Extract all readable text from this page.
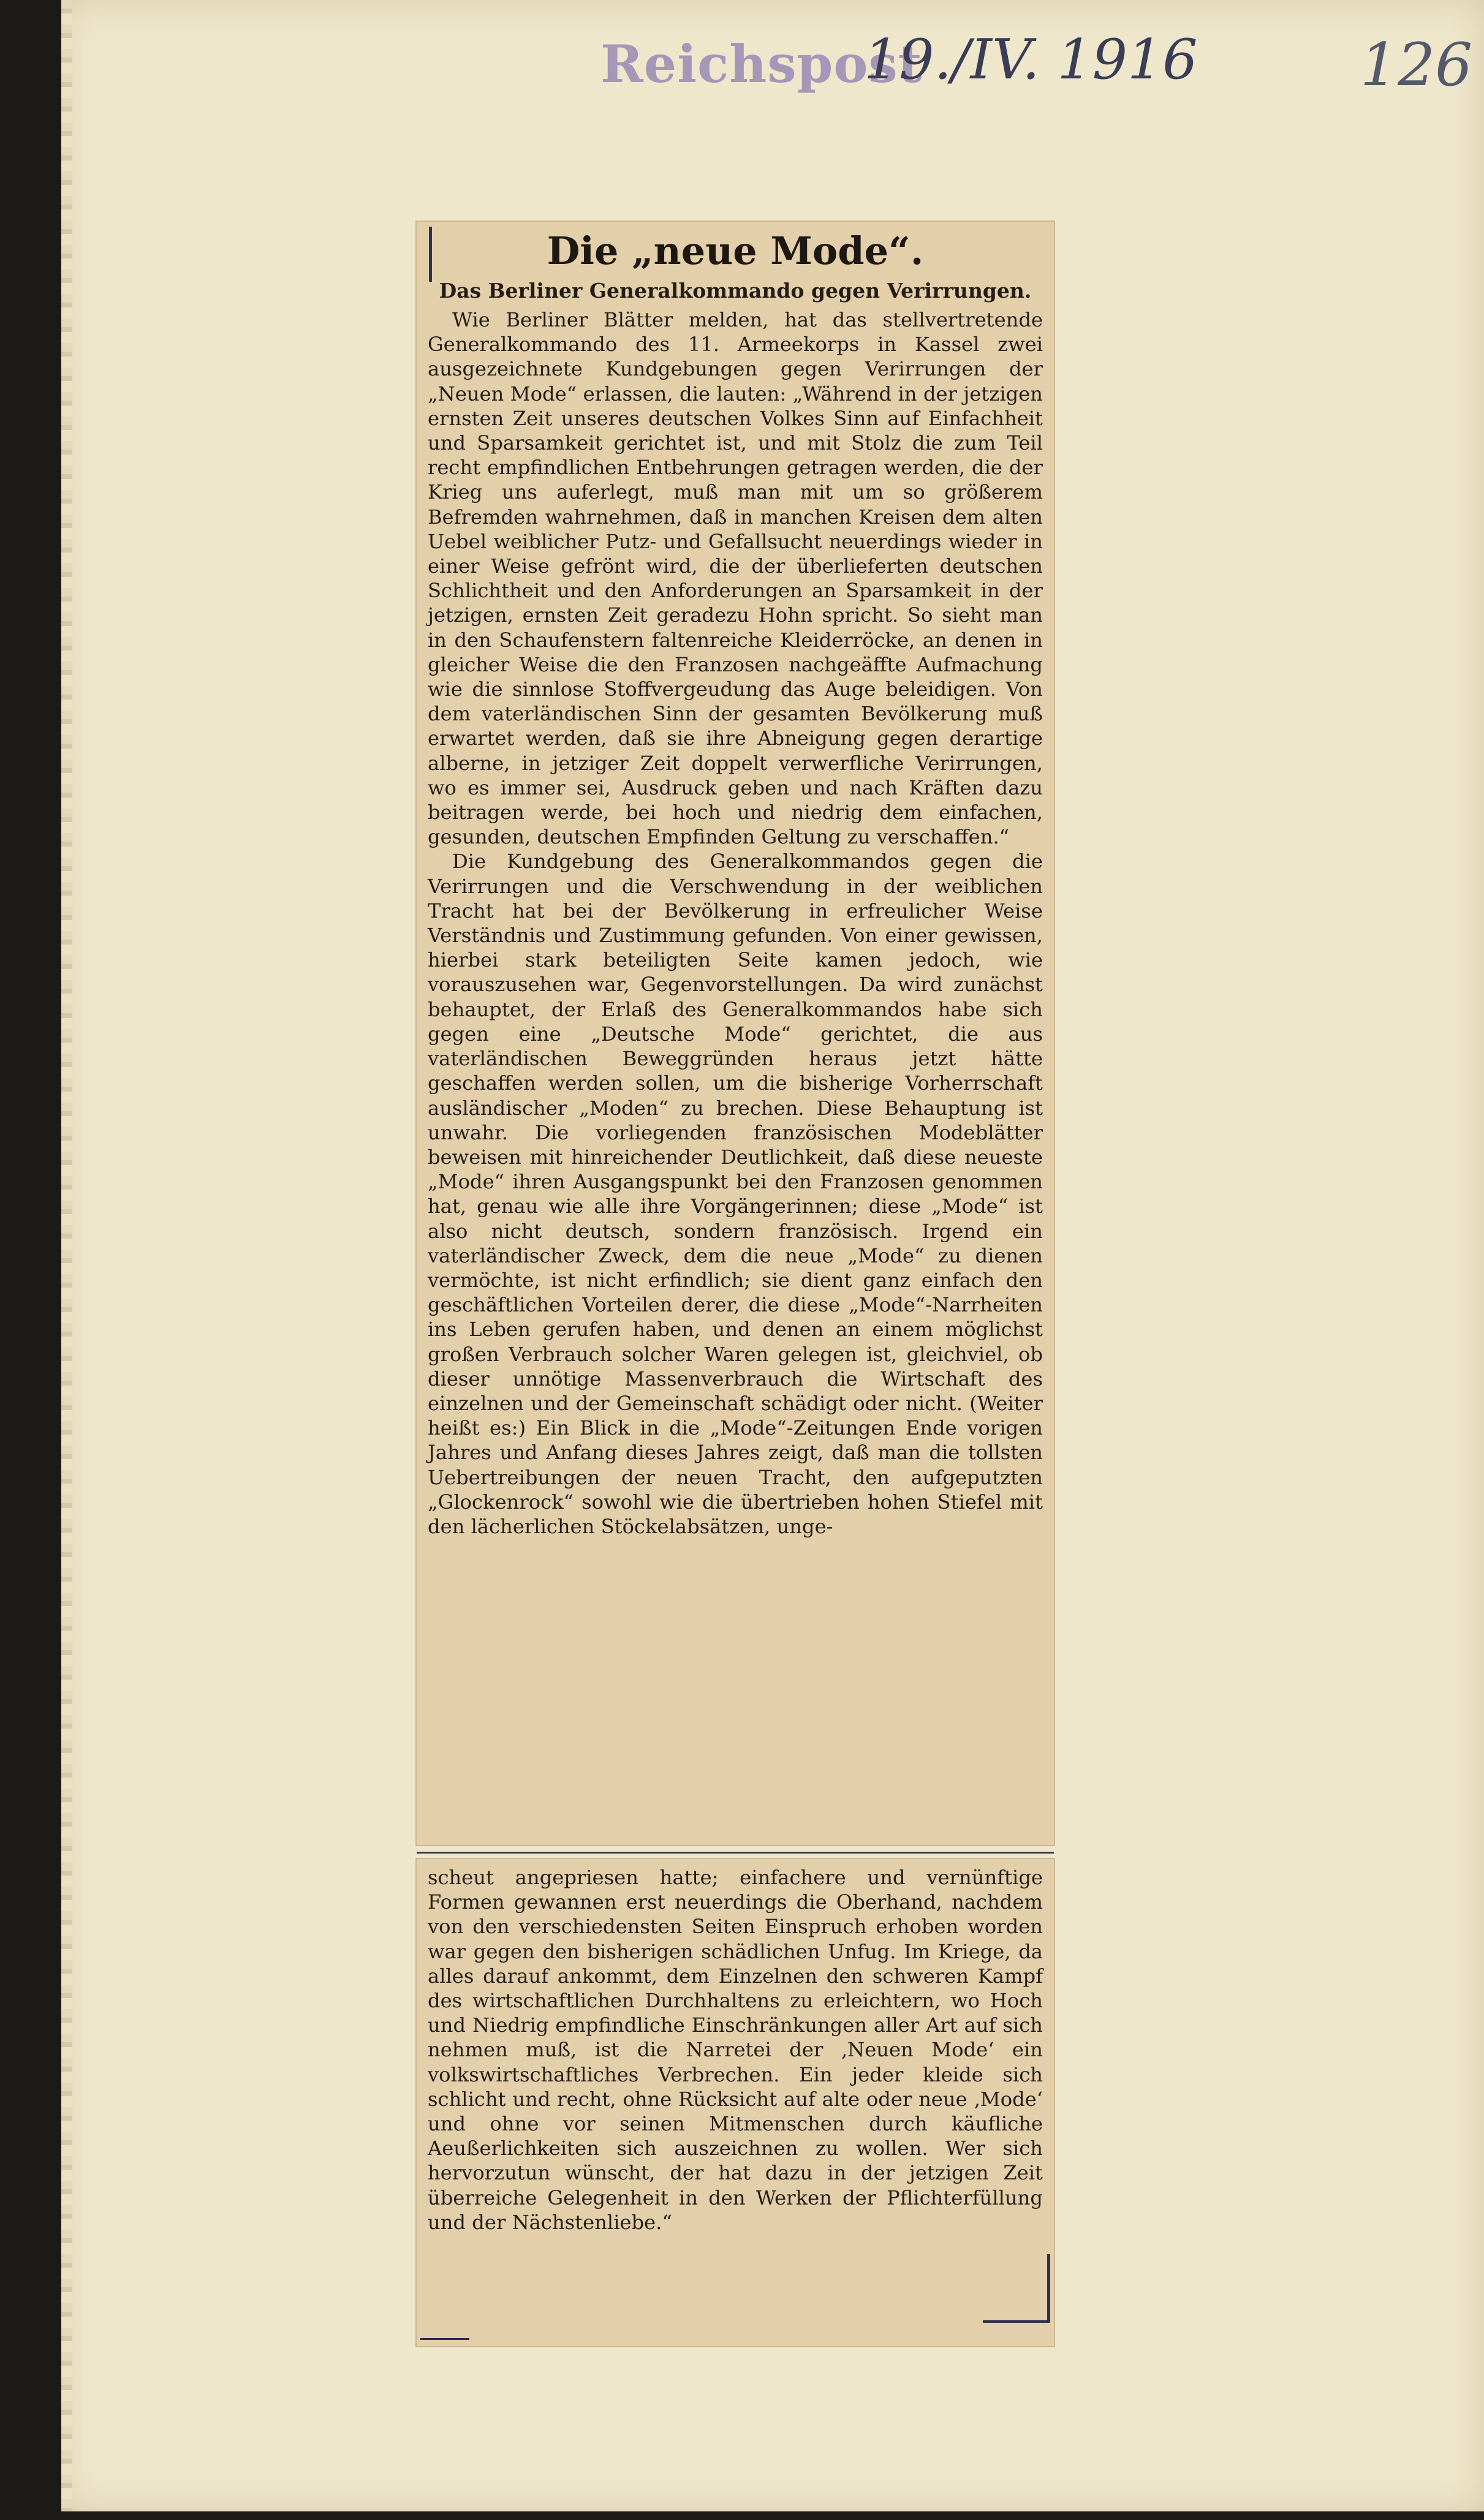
Reichspost
19./IV. 1916	126
Die „neue Mode“.
Das Berliner Generalkommando gegen Verirrungen.

Wie Berliner Blätter melden, hat das stellvertretende Generalkommando des 11. Armeekorps in Kassel zwei ausgezeichnete Kundgebungen gegen Verirrungen der „Neuen Mode“ erlassen, die lauten: „Während in der jetzigen ernsten Zeit unseres deutschen Volkes Sinn auf Einfachheit und Sparsamkeit gerichtet ist, und mit Stolz die zum Teil recht empfindlichen Entbehrungen getragen werden, die der Krieg uns auferlegt, muß man mit um so größerem Befremden wahrnehmen, daß in manchen Kreisen dem alten Uebel weiblicher Putz- und Gefallsucht neuerdings wieder in einer Weise gefrönt wird, die der überlieferten deutschen Schlichtheit und den Anforderungen an Sparsamkeit in der jetzigen, ernsten Zeit geradezu Hohn spricht. So sieht man in den Schaufenstern faltenreiche Kleiderröcke, an denen in gleicher Weise die den Franzosen nachgeäffte Aufmachung wie die sinnlose Stoffvergeudung das Auge beleidigen. Von dem vaterländischen Sinn der gesamten Bevölkerung muß erwartet werden, daß sie ihre Abneigung gegen derartige alberne, in jetziger Zeit doppelt verwerfliche Verirrungen, wo es immer sei, Ausdruck geben und nach Kräften dazu beitragen werde, bei hoch und niedrig dem einfachen, gesunden, deutschen Empfinden Geltung zu verschaffen.“

Die Kundgebung des Generalkommandos gegen die Verirrungen und die Verschwendung in der weiblichen Tracht hat bei der Bevölkerung in erfreulicher Weise Verständnis und Zustimmung gefunden. Von einer gewissen, hierbei stark beteiligten Seite kamen jedoch, wie vorauszusehen war, Gegenvorstellungen. Da wird zunächst behauptet, der Erlaß des Generalkommandos habe sich gegen eine „Deutsche Mode“ gerichtet, die aus vaterländischen Beweggründen heraus jetzt hätte geschaffen werden sollen, um die bisherige Vorherrschaft ausländischer „Moden“ zu brechen. Diese Behauptung ist unwahr. Die vorliegenden französischen Modeblätter beweisen mit hinreichender Deutlichkeit, daß diese neueste „Mode“ ihren Ausgangspunkt bei den Franzosen genommen hat, genau wie alle ihre Vorgängerinnen; diese „Mode“ ist also nicht deutsch, sondern französisch. Irgend ein vaterländischer Zweck, dem die neue „Mode“ zu dienen vermöchte, ist nicht erfindlich; sie dient ganz einfach den geschäftlichen Vorteilen derer, die diese „Mode“-Narrheiten ins Leben gerufen haben, und denen an einem möglichst großen Verbrauch solcher Waren gelegen ist, gleichviel, ob dieser unnötige Massenverbrauch die Wirtschaft des einzelnen und der Gemeinschaft schädigt oder nicht. (Weiter heißt es:) Ein Blick in die „Mode“-Zeitungen Ende vorigen Jahres und Anfang dieses Jahres zeigt, daß man die tollsten Uebertreibungen der neuen Tracht, den aufgeputzten „Glockenrock“ sowohl wie die übertrieben hohen Stiefel mit den lächerlichen Stöckelabsätzen, unge-

scheut angepriesen hatte; einfachere und vernünftige Formen gewannen erst neuerdings die Oberhand, nachdem von den verschiedensten Seiten Einspruch erhoben worden war gegen den bisherigen schädlichen Unfug. Im Kriege, da alles darauf ankommt, dem Einzelnen den schweren Kampf des wirtschaftlichen Durchhaltens zu erleichtern, wo Hoch und Niedrig empfindliche Einschränkungen aller Art auf sich nehmen muß, ist die Narretei der ‚Neuen Mode‘ ein volkswirtschaftliches Verbrechen. Ein jeder kleide sich schlicht und recht, ohne Rücksicht auf alte oder neue ‚Mode‘ und ohne vor seinen Mitmenschen durch käufliche Aeußerlichkeiten sich auszeichnen zu wollen. Wer sich hervorzutun wünscht, der hat dazu in der jetzigen Zeit überreiche Gelegenheit in den Werken der Pflichterfüllung und der Nächstenliebe.“
